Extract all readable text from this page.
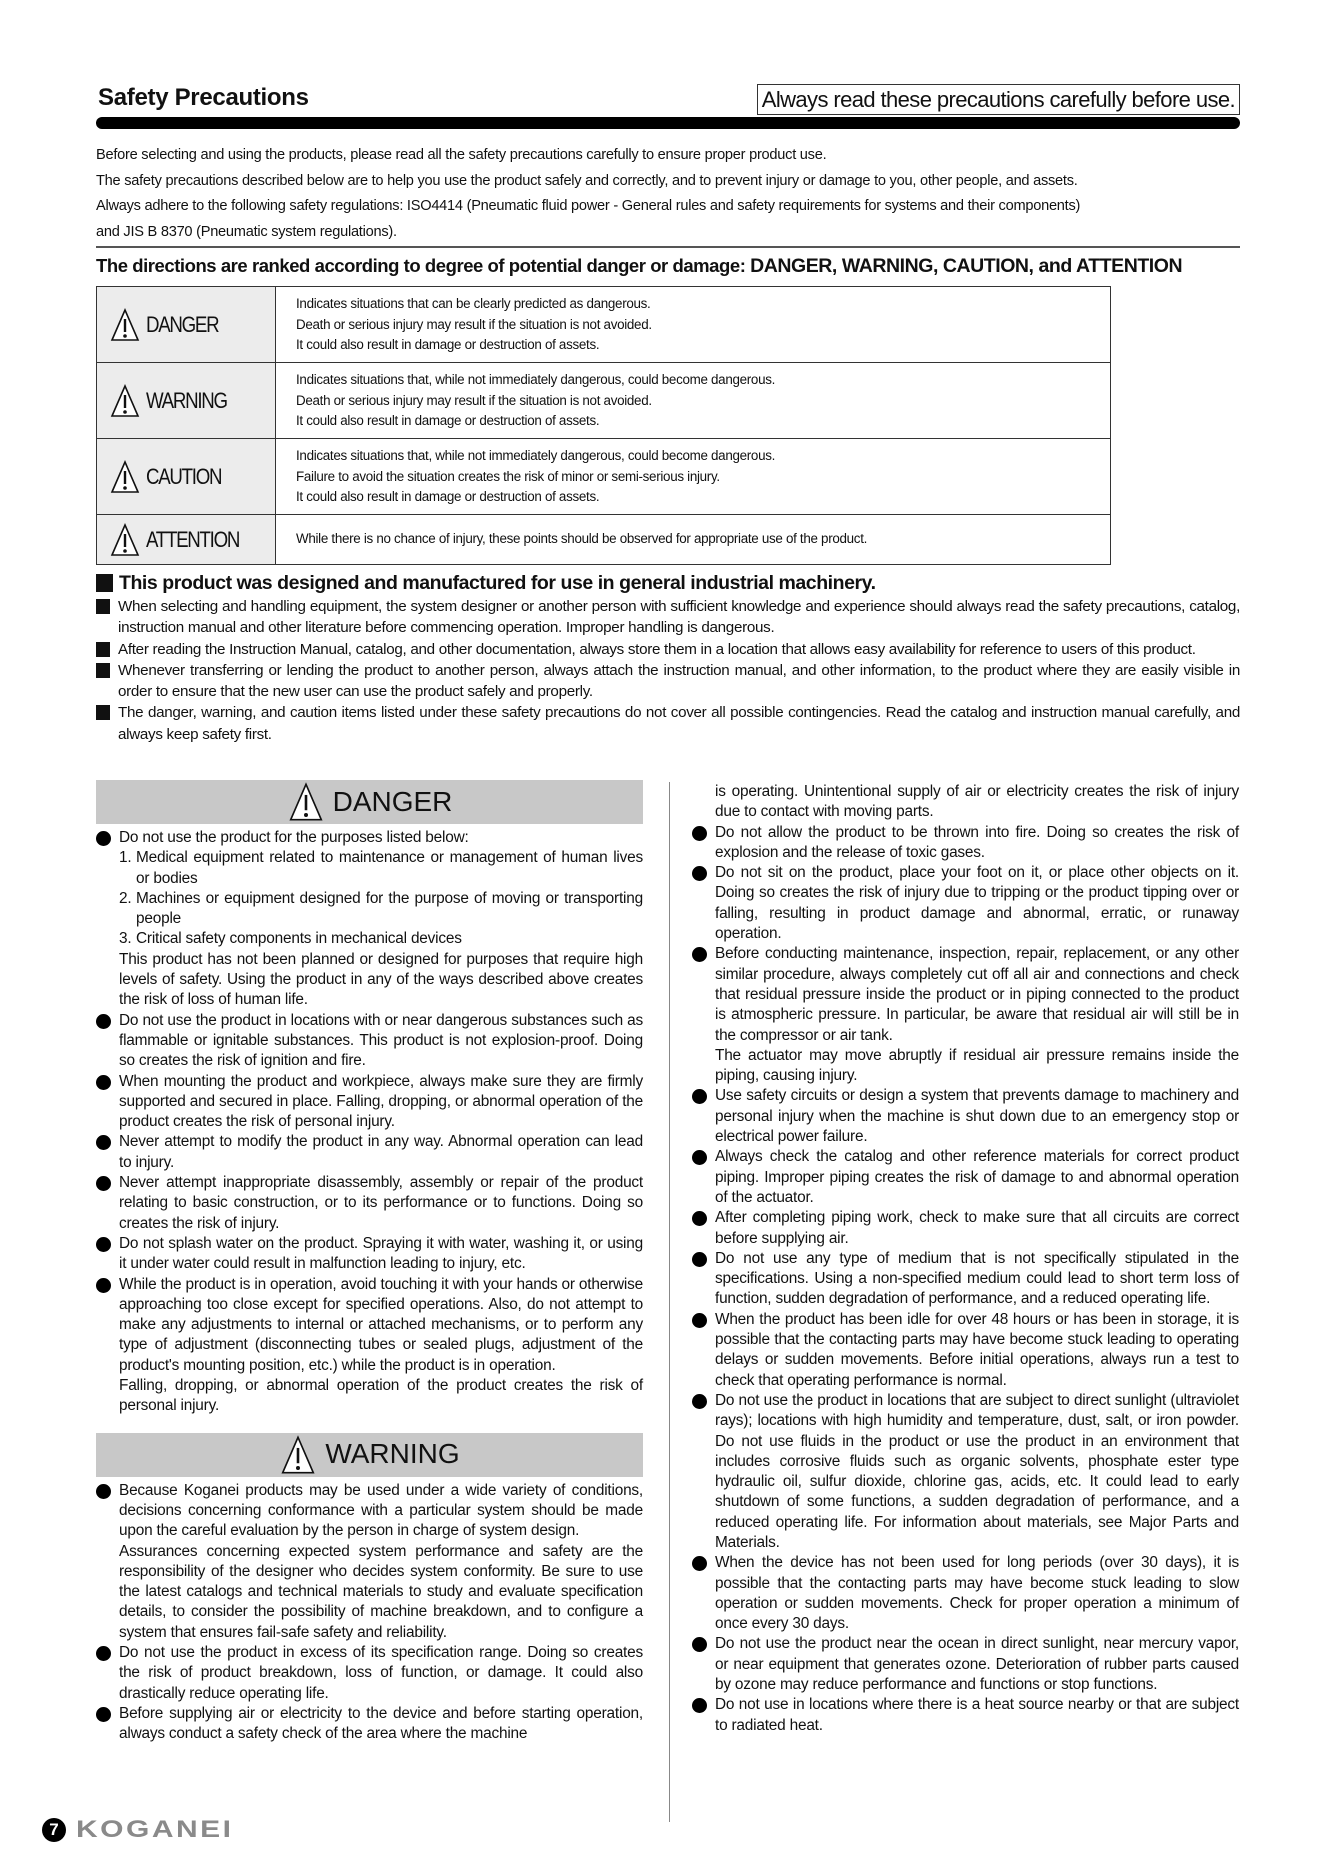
Safety Precautions	Always read these precautions carefully before use.

Before selecting and using the products, please read all the safety precautions carefully to ensure proper product use.

The safety precautions described below are to help you use the product safely and correctly, and to prevent injury or damage to you, other people, and assets.

Always adhere to the following safety regulations: ISO4414 (Pneumatic fluid power - General rules and safety requirements for systems and their components)

and JIS B 8370 (Pneumatic system regulations).

The directions are ranked according to degree of potential danger or damage: DANGER, WARNING, CAUTION, and ATTENTION
DANGER
Indicates situations that can be clearly predicted as dangerous.
Death or serious injury may result if the situation is not avoided.
It could also result in damage or destruction of assets.
WARNING
Indicates situations that, while not immediately dangerous, could become dangerous.
Death or serious injury may result if the situation is not avoided.
It could also result in damage or destruction of assets.
CAUTION
Indicates situations that, while not immediately dangerous, could become dangerous.
Failure to avoid the situation creates the risk of minor or semi-serious injury.
It could also result in damage or destruction of assets.
ATTENTION	While there is no chance of injury, these points should be observed for appropriate use of the product.
This product was designed and manufactured for use in general industrial machinery.
When selecting and handling equipment, the system designer or another person with sufficient knowledge and experience should always read the safety precautions, catalog, instruction manual and other literature before commencing operation. Improper handling is dangerous.
After reading the Instruction Manual, catalog, and other documentation, always store them in a location that allows easy availability for reference to users of this product.
Whenever transferring or lending the product to another person, always attach the instruction manual, and other information, to the product where they are easily visible in order to ensure that the new user can use the product safely and properly.
The danger, warning, and caution items listed under these safety precautions do not cover all possible contingencies. Read the catalog and instruction manual carefully, and always keep safety first.
DANGER

Do not use the product for the purposes listed below:

1. Medical equipment related to maintenance or management of human lives or bodies
2. Machines or equipment designed for the purpose of moving or transporting people
3. Critical safety components in mechanical devices

This product has not been planned or designed for purposes that require high levels of safety. Using the product in any of the ways described above creates the risk of loss of human life.

Do not use the product in locations with or near dangerous substances such as flammable or ignitable substances. This product is not explosion-proof. Doing so creates the risk of ignition and fire.

When mounting the product and workpiece, always make sure they are firmly supported and secured in place. Falling, dropping, or abnormal operation of the product creates the risk of personal injury.

Never attempt to modify the product in any way. Abnormal operation can lead to injury.

Never attempt inappropriate disassembly, assembly or repair of the product relating to basic construction, or to its performance or to functions. Doing so creates the risk of injury.

Do not splash water on the product. Spraying it with water, washing it, or using it under water could result in malfunction leading to injury, etc.

While the product is in operation, avoid touching it with your hands or otherwise approaching too close except for specified operations. Also, do not attempt to make any adjustments to internal or attached mechanisms, or to perform any type of adjustment (disconnecting tubes or sealed plugs, adjustment of the product's mounting position, etc.) while the product is in operation.

Falling, dropping, or abnormal operation of the product creates the risk of personal injury.

WARNING

Because Koganei products may be used under a wide variety of conditions, decisions concerning conformance with a particular system should be made upon the careful evaluation by the person in charge of system design.

Assurances concerning expected system performance and safety are the responsibility of the designer who decides system conformity. Be sure to use the latest catalogs and technical materials to study and evaluate specification details, to consider the possibility of machine breakdown, and to configure a system that ensures fail-safe safety and reliability.

Do not use the product in excess of its specification range. Doing so creates the risk of product breakdown, loss of function, or damage. It could also drastically reduce operating life.

Before supplying air or electricity to the device and before starting operation, always conduct a safety check of the area where the machine

is operating. Unintentional supply of air or electricity creates the risk of injury due to contact with moving parts.

Do not allow the product to be thrown into fire. Doing so creates the risk of explosion and the release of toxic gases.

Do not sit on the product, place your foot on it, or place other objects on it. Doing so creates the risk of injury due to tripping or the product tipping over or falling, resulting in product damage and abnormal, erratic, or runaway operation.

Before conducting maintenance, inspection, repair, replacement, or any other similar procedure, always completely cut off all air and connections and check that residual pressure inside the product or in piping connected to the product is atmospheric pressure. In particular, be aware that residual air will still be in the compressor or air tank.

The actuator may move abruptly if residual air pressure remains inside the piping, causing injury.

Use safety circuits or design a system that prevents damage to machinery and personal injury when the machine is shut down due to an emergency stop or electrical power failure.

Always check the catalog and other reference materials for correct product piping. Improper piping creates the risk of damage to and abnormal operation of the actuator.

After completing piping work, check to make sure that all circuits are correct before supplying air.

Do not use any type of medium that is not specifically stipulated in the specifications. Using a non-specified medium could lead to short term loss of function, sudden degradation of performance, and a reduced operating life.

When the product has been idle for over 48 hours or has been in storage, it is possible that the contacting parts may have become stuck leading to operating delays or sudden movements. Before initial operations, always run a test to check that operating performance is normal.

Do not use the product in locations that are subject to direct sunlight (ultraviolet rays); locations with high humidity and temperature, dust, salt, or iron powder. Do not use fluids in the product or use the product in an environment that includes corrosive fluids such as organic solvents, phosphate ester type hydraulic oil, sulfur dioxide, chlorine gas, acids, etc. It could lead to early shutdown of some functions, a sudden degradation of performance, and a reduced operating life. For information about materials, see Major Parts and Materials.

When the device has not been used for long periods (over 30 days), it is possible that the contacting parts may have become stuck leading to slow operation or sudden movements. Check for proper operation a minimum of once every 30 days.

Do not use the product near the ocean in direct sunlight, near mercury vapor, or near equipment that generates ozone. Deterioration of rubber parts caused by ozone may reduce performance and functions or stop functions.

Do not use in locations where there is a heat source nearby or that are subject to radiated heat.

7 KOGANEI
